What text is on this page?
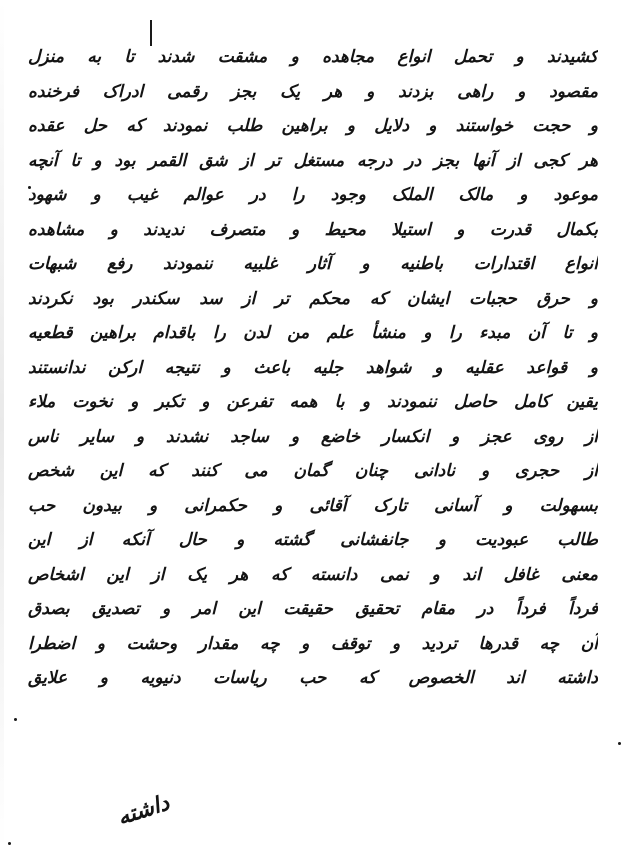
کشیدند و تحمل انواع مجاهده و مشقت شدند تا به منزل
مقصود و راهی بزدند و هر یک بجز رقمی ادراک فرخنده
و حجت خواستند و دلایل و براهین طلب نمودند که حل عقده
هر کجی از آنها بجز در درجه مستغل تر از شق القمر بود و تا آنچه
موعود و مالک الملک وجود را در عوالم غیب و شهود
بکمال قدرت و استیلا محیط و متصرف ندیدند و مشاهده
انواع اقتدارات باطنیه و آثار غلبیه ننمودند رفع شبهات
و حرق حجبات ایشان که محکم تر از سد سکندر بود نکردند
و تا آن مبدء را و منشأ علم من لدن را باقدام براهین قطعیه
و قواعد عقلیه و شواهد جلیه باعث و نتیجه ارکن ندانستند
یقین کامل حاصل ننمودند و با همه تفرعن و تکبر و نخوت ملاء
از روی عجز و انکسار خاضع و ساجد نشدند و سایر ناس
از حجری و نادانی چنان گمان می کنند که این شخص
بسهولت و آسانی تارک آقائی و حکمرانی و بیدون حب
طالب عبودیت و جانفشانی گشته و حال آنکه از این
معنی غافل اند و نمی دانسته که هر یک از این اشخاص
فرداً فرداً در مقام تحقیق حقیقت این امر و تصدیق بصدق
آن چه قدرها تردید و توقف و چه مقدار وحشت و اضطرا
داشته اند الخصوص که حب ریاسات دنیویه و علایق
داشته
